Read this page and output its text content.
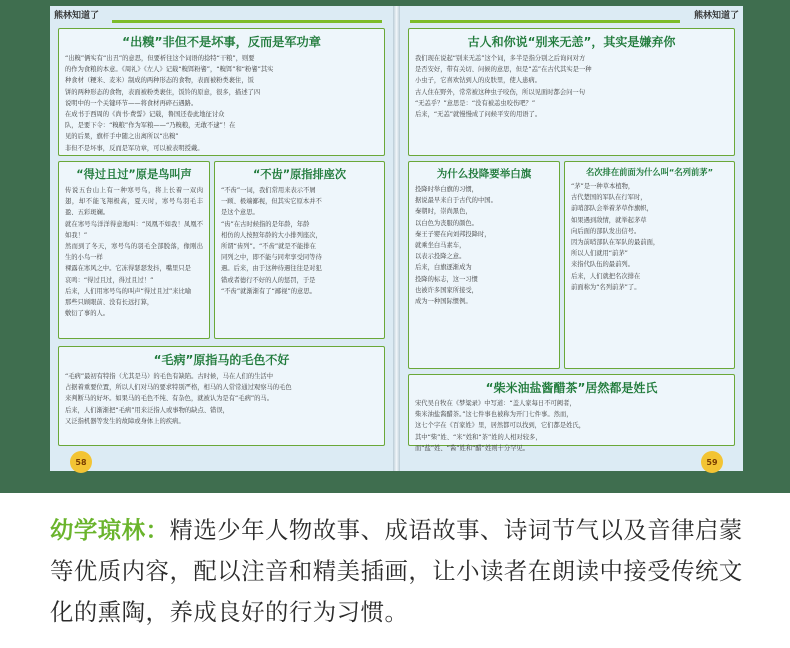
熊林知道了
“出糗”非但不是坏事，反而是军功章
“出糗”俩实有“出丑”的意思，但要析往这个词语的捻特“干粮”，则要
的作为食粮的本意。《周礼》《左人》记载“糗饵粉餈”，“糗饵”和“粉餈”其实
种食材（粳米、麦米）制成的两种形态的食物，表面被粉类裹住，饭
饼的两种形态的食物，表面被粉类裹住，饭铃的原意，很多，描述了四
说明中的一个关键环节——将食材再碎石遇路。
在成书于西周的《尚书·费誓》记载，鲁国还卷此地征讨众
队，是要下令：“糗粮”作为军粮——“乃糗粮，无敢不逮”！在
见的后果，旗杆手中随之出离所以“出糗”
非但不是坏事，反而是军功章，可以被表明授戴。
“得过且过”原是鸟叫声
传说五台山上有一种寒号鸟，将上长着一双肉翅，却不能飞翔极高，夏天时，寒号鸟羽毛丰盈、五彩斑斓。
就在寒号鸟洋洋得意地叫：“凤凰不如我！凤凰不如我！”
然而到了冬天，寒号鸟的羽毛全部脱落，像刚出生的小鸟一样
裸露在寒风之中。它冻得瑟瑟发抖，嘴里只是
哀鸣：“得过且过，得过且过！”
后来，人们用寒号鸟的叫声“得过且过”来比喻
那些只顾眼前、没有长远打算，
敷衍了事的人。
“不齿”原指排座次
“不齿”一词，我们常用来表示不屑
一顾、极端鄙视，但其实它原本并不
是这个意思。
“齿”在古时候指的是年龄，年龄
相仿的人按照年龄的大小排列座次，
所谓“齿列”。“不齿”就是不能排在
同列之中，即不能与同辈享受同等待
遇。后来，由于这种待遇往往是对犯
错或者德行不好的人的惩罚，于是
“不齿”就渐渐有了“鄙视”的意思。
“毛病”原指马的毛色不好
“毛病”最初有特指（尤其是马）的毛色有缺陷。古时候，马在人们的生活中
占据着重要位置，所以人们对马的要求特别严格，相马的人常常通过观察马的毛色
来判断马的好坏。如果马的毛色不纯、有杂色，就被认为是有“毛病”的马。
后来，人们渐渐把“毛病”用来泛指人或事物的缺点、错误，
又泛指机器等发生的故障或身体上的疾病。
58
熊林知道了
古人和你说“别来无恙”，其实是嫌弃你
我们现在说起“别来无恙”这个词，多半是指分别之后询问对方
是否安好，带有关切、问候的意思，但是“恙”在古代其实是一种
小虫子，它喜欢钻到人的皮肤里，使人患病。
古人住在野外，常常被这种虫子咬伤，所以见面时都会问一句
“无恙乎？”意思是：“没有被恙虫咬伤吧？”
后来，“无恙”就慢慢成了问候平安的用语了。
为什么投降要举白旗
投降时举白旗的习惯，
据说最早来自于古代的中国。
秦朝时，崇尚黑色，
以白色为丧服的颜色。
秦王子婴在向刘邦投降时，
就乘坐白马素车，
以表示投降之意。
后来，白旗逐渐成为
投降的标志，这一习惯
也被许多国家所接受，
成为一种国际惯例。
名次排在前面为什么叫“名列前茅”
“茅”是一种草本植物，
古代楚国的军队在行军时，
前哨部队会举着茅草作旗帜，
如果遇到敌情，就举起茅草
向后面的部队发出信号。
因为前哨部队在军队的最前面，
所以人们就用“前茅”
来指代队伍的最前列。
后来，人们就把名次排在
前面称为“名列前茅”了。
“柴米油盐酱醋茶”居然都是姓氏
宋代吴自牧在《梦粱录》中写道：“盖人家每日不可阙者，
柴米油盐酱醋茶。”这七件事也被称为开门七件事。然而，
这七个字在《百家姓》里，居然都可以找到，它们都是姓氏，
其中“柴”姓、“米”姓和“茶”姓的人相对较多，
而“盐”姓、“酱”姓和“醋”姓则十分罕见。
59
幼学琼林：精选少年人物故事、成语故事、诗词节气以及音律启蒙等优质内容，配以注音和精美插画，让小读者在朗读中接受传统文化的熏陶，养成良好的行为习惯。
